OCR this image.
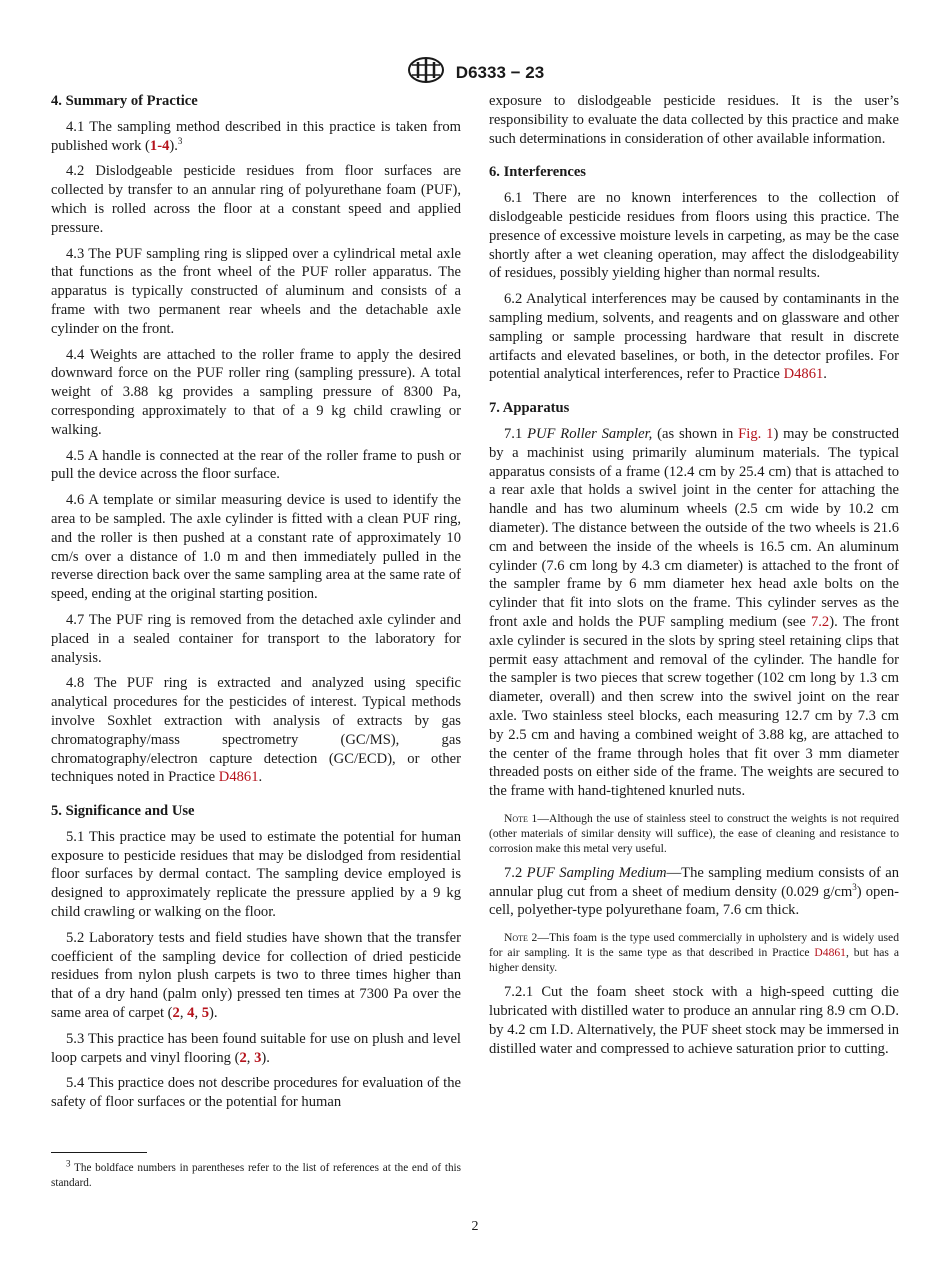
D6333 − 23
4. Summary of Practice
4.1 The sampling method described in this practice is taken from published work (1-4).$^3$
4.2 Dislodgeable pesticide residues from floor surfaces are collected by transfer to an annular ring of polyurethane foam (PUF), which is rolled across the floor at a constant speed and applied pressure.
4.3 The PUF sampling ring is slipped over a cylindrical metal axle that functions as the front wheel of the PUF roller apparatus. The apparatus is typically constructed of aluminum and consists of a frame with two permanent rear wheels and the detachable axle cylinder on the front.
4.4 Weights are attached to the roller frame to apply the desired downward force on the PUF roller ring (sampling pressure). A total weight of 3.88 kg provides a sampling pressure of 8300 Pa, corresponding approximately to that of a 9 kg child crawling or walking.
4.5 A handle is connected at the rear of the roller frame to push or pull the device across the floor surface.
4.6 A template or similar measuring device is used to identify the area to be sampled. The axle cylinder is fitted with a clean PUF ring, and the roller is then pushed at a constant rate of approximately 10 cm/s over a distance of 1.0 m and then immediately pulled in the reverse direction back over the same sampling area at the same rate of speed, ending at the original starting position.
4.7 The PUF ring is removed from the detached axle cylinder and placed in a sealed container for transport to the laboratory for analysis.
4.8 The PUF ring is extracted and analyzed using specific analytical procedures for the pesticides of interest. Typical methods involve Soxhlet extraction with analysis of extracts by gas chromatography/mass spectrometry (GC/MS), gas chromatography/electron capture detection (GC/ECD), or other techniques noted in Practice D4861.
5. Significance and Use
5.1 This practice may be used to estimate the potential for human exposure to pesticide residues that may be dislodged from residential floor surfaces by dermal contact. The sampling device employed is designed to approximately replicate the pressure applied by a 9 kg child crawling or walking on the floor.
5.2 Laboratory tests and field studies have shown that the transfer coefficient of the sampling device for collection of dried pesticide residues from nylon plush carpets is two to three times higher than that of a dry hand (palm only) pressed ten times at 7300 Pa over the same area of carpet (2, 4, 5).
5.3 This practice has been found suitable for use on plush and level loop carpets and vinyl flooring (2, 3).
5.4 This practice does not describe procedures for evaluation of the safety of floor surfaces or the potential for human
$^3$ The boldface numbers in parentheses refer to the list of references at the end of this standard.
exposure to dislodgeable pesticide residues. It is the user’s responsibility to evaluate the data collected by this practice and make such determinations in consideration of other available information.
6. Interferences
6.1 There are no known interferences to the collection of dislodgeable pesticide residues from floors using this practice. The presence of excessive moisture levels in carpeting, as may be the case shortly after a wet cleaning operation, may affect the dislodgeability of residues, possibly yielding higher than normal results.
6.2 Analytical interferences may be caused by contaminants in the sampling medium, solvents, and reagents and on glassware and other sampling or sample processing hardware that result in discrete artifacts and elevated baselines, or both, in the detector profiles. For potential analytical interferences, refer to Practice D4861.
7. Apparatus
7.1 PUF Roller Sampler, (as shown in Fig. 1) may be constructed by a machinist using primarily aluminum materials. The typical apparatus consists of a frame (12.4 cm by 25.4 cm) that is attached to a rear axle that holds a swivel joint in the center for attaching the handle and has two aluminum wheels (2.5 cm wide by 10.2 cm diameter). The distance between the outside of the two wheels is 21.6 cm and between the inside of the wheels is 16.5 cm. An aluminum cylinder (7.6 cm long by 4.3 cm diameter) is attached to the front of the sampler frame by 6 mm diameter hex head axle bolts on the cylinder that fit into slots on the frame. This cylinder serves as the front axle and holds the PUF sampling medium (see 7.2). The front axle cylinder is secured in the slots by spring steel retaining clips that permit easy attachment and removal of the cylinder. The handle for the sampler is two pieces that screw together (102 cm long by 1.3 cm diameter, overall) and then screw into the swivel joint on the rear axle. Two stainless steel blocks, each measuring 12.7 cm by 7.3 cm by 2.5 cm and having a combined weight of 3.88 kg, are attached to the center of the frame through holes that fit over 3 mm diameter threaded posts on either side of the frame. The weights are secured to the frame with hand-tightened knurled nuts.
Note 1—Although the use of stainless steel to construct the weights is not required (other materials of similar density will suffice), the ease of cleaning and resistance to corrosion make this metal very useful.
7.2 PUF Sampling Medium—The sampling medium consists of an annular plug cut from a sheet of medium density (0.029 $g/cm^3$) open-cell, polyether-type polyurethane foam, 7.6 cm thick.
Note 2—This foam is the type used commercially in upholstery and is widely used for air sampling. It is the same type as that described in Practice D4861, but has a higher density.
7.2.1 Cut the foam sheet stock with a high-speed cutting die lubricated with distilled water to produce an annular ring 8.9 cm O.D. by 4.2 cm I.D. Alternatively, the PUF sheet stock may be immersed in distilled water and compressed to achieve saturation prior to cutting.
2
